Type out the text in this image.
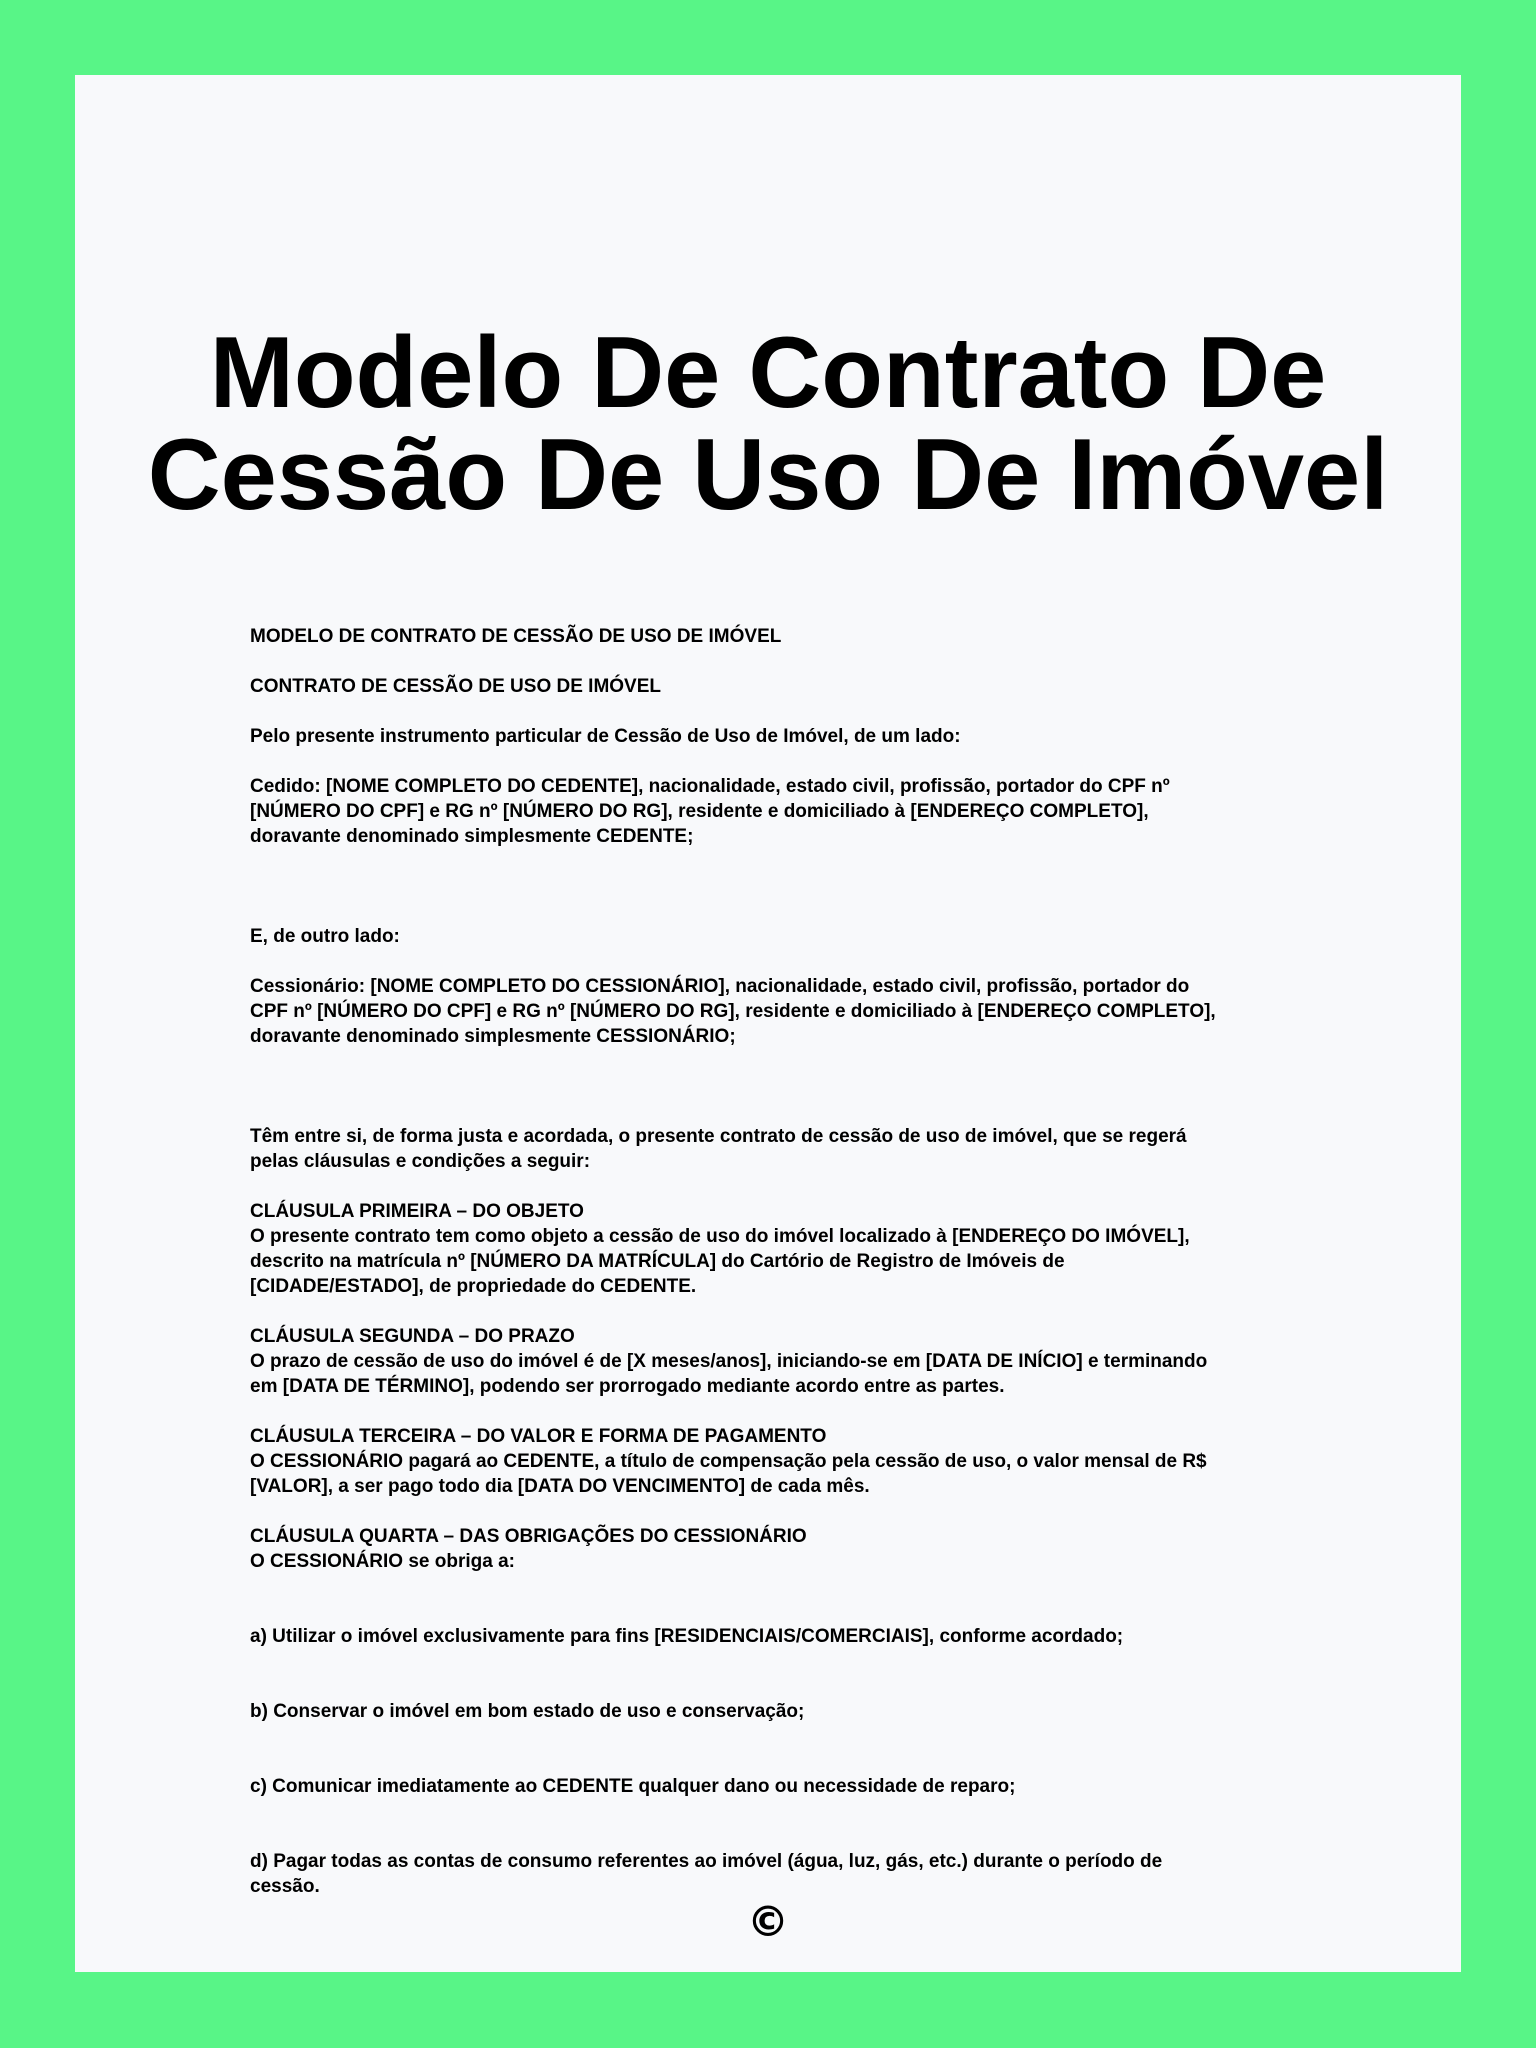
Modelo De Contrato De
Cessão De Uso De Imóvel

MODELO DE CONTRATO DE CESSÃO DE USO DE IMÓVEL

CONTRATO DE CESSÃO DE USO DE IMÓVEL

Pelo presente instrumento particular de Cessão de Uso de Imóvel, de um lado:

Cedido: [NOME COMPLETO DO CEDENTE], nacionalidade, estado civil, profissão, portador do CPF nº
[NÚMERO DO CPF] e RG nº [NÚMERO DO RG], residente e domiciliado à [ENDEREÇO COMPLETO],
doravante denominado simplesmente CEDENTE;

E, de outro lado:

Cessionário: [NOME COMPLETO DO CESSIONÁRIO], nacionalidade, estado civil, profissão, portador do
CPF nº [NÚMERO DO CPF] e RG nº [NÚMERO DO RG], residente e domiciliado à [ENDEREÇO COMPLETO],
doravante denominado simplesmente CESSIONÁRIO;

Têm entre si, de forma justa e acordada, o presente contrato de cessão de uso de imóvel, que se regerá
pelas cláusulas e condições a seguir:

CLÁUSULA PRIMEIRA – DO OBJETO
O presente contrato tem como objeto a cessão de uso do imóvel localizado à [ENDEREÇO DO IMÓVEL],
descrito na matrícula nº [NÚMERO DA MATRÍCULA] do Cartório de Registro de Imóveis de
[CIDADE/ESTADO], de propriedade do CEDENTE.

CLÁUSULA SEGUNDA – DO PRAZO
O prazo de cessão de uso do imóvel é de [X meses/anos], iniciando-se em [DATA DE INÍCIO] e terminando
em [DATA DE TÉRMINO], podendo ser prorrogado mediante acordo entre as partes.

CLÁUSULA TERCEIRA – DO VALOR E FORMA DE PAGAMENTO
O CESSIONÁRIO pagará ao CEDENTE, a título de compensação pela cessão de uso, o valor mensal de R$
[VALOR], a ser pago todo dia [DATA DO VENCIMENTO] de cada mês.

CLÁUSULA QUARTA – DAS OBRIGAÇÕES DO CESSIONÁRIO
O CESSIONÁRIO se obriga a:

a) Utilizar o imóvel exclusivamente para fins [RESIDENCIAIS/COMERCIAIS], conforme acordado;

b) Conservar o imóvel em bom estado de uso e conservação;

c) Comunicar imediatamente ao CEDENTE qualquer dano ou necessidade de reparo;

d) Pagar todas as contas de consumo referentes ao imóvel (água, luz, gás, etc.) durante o período de
cessão.

©
